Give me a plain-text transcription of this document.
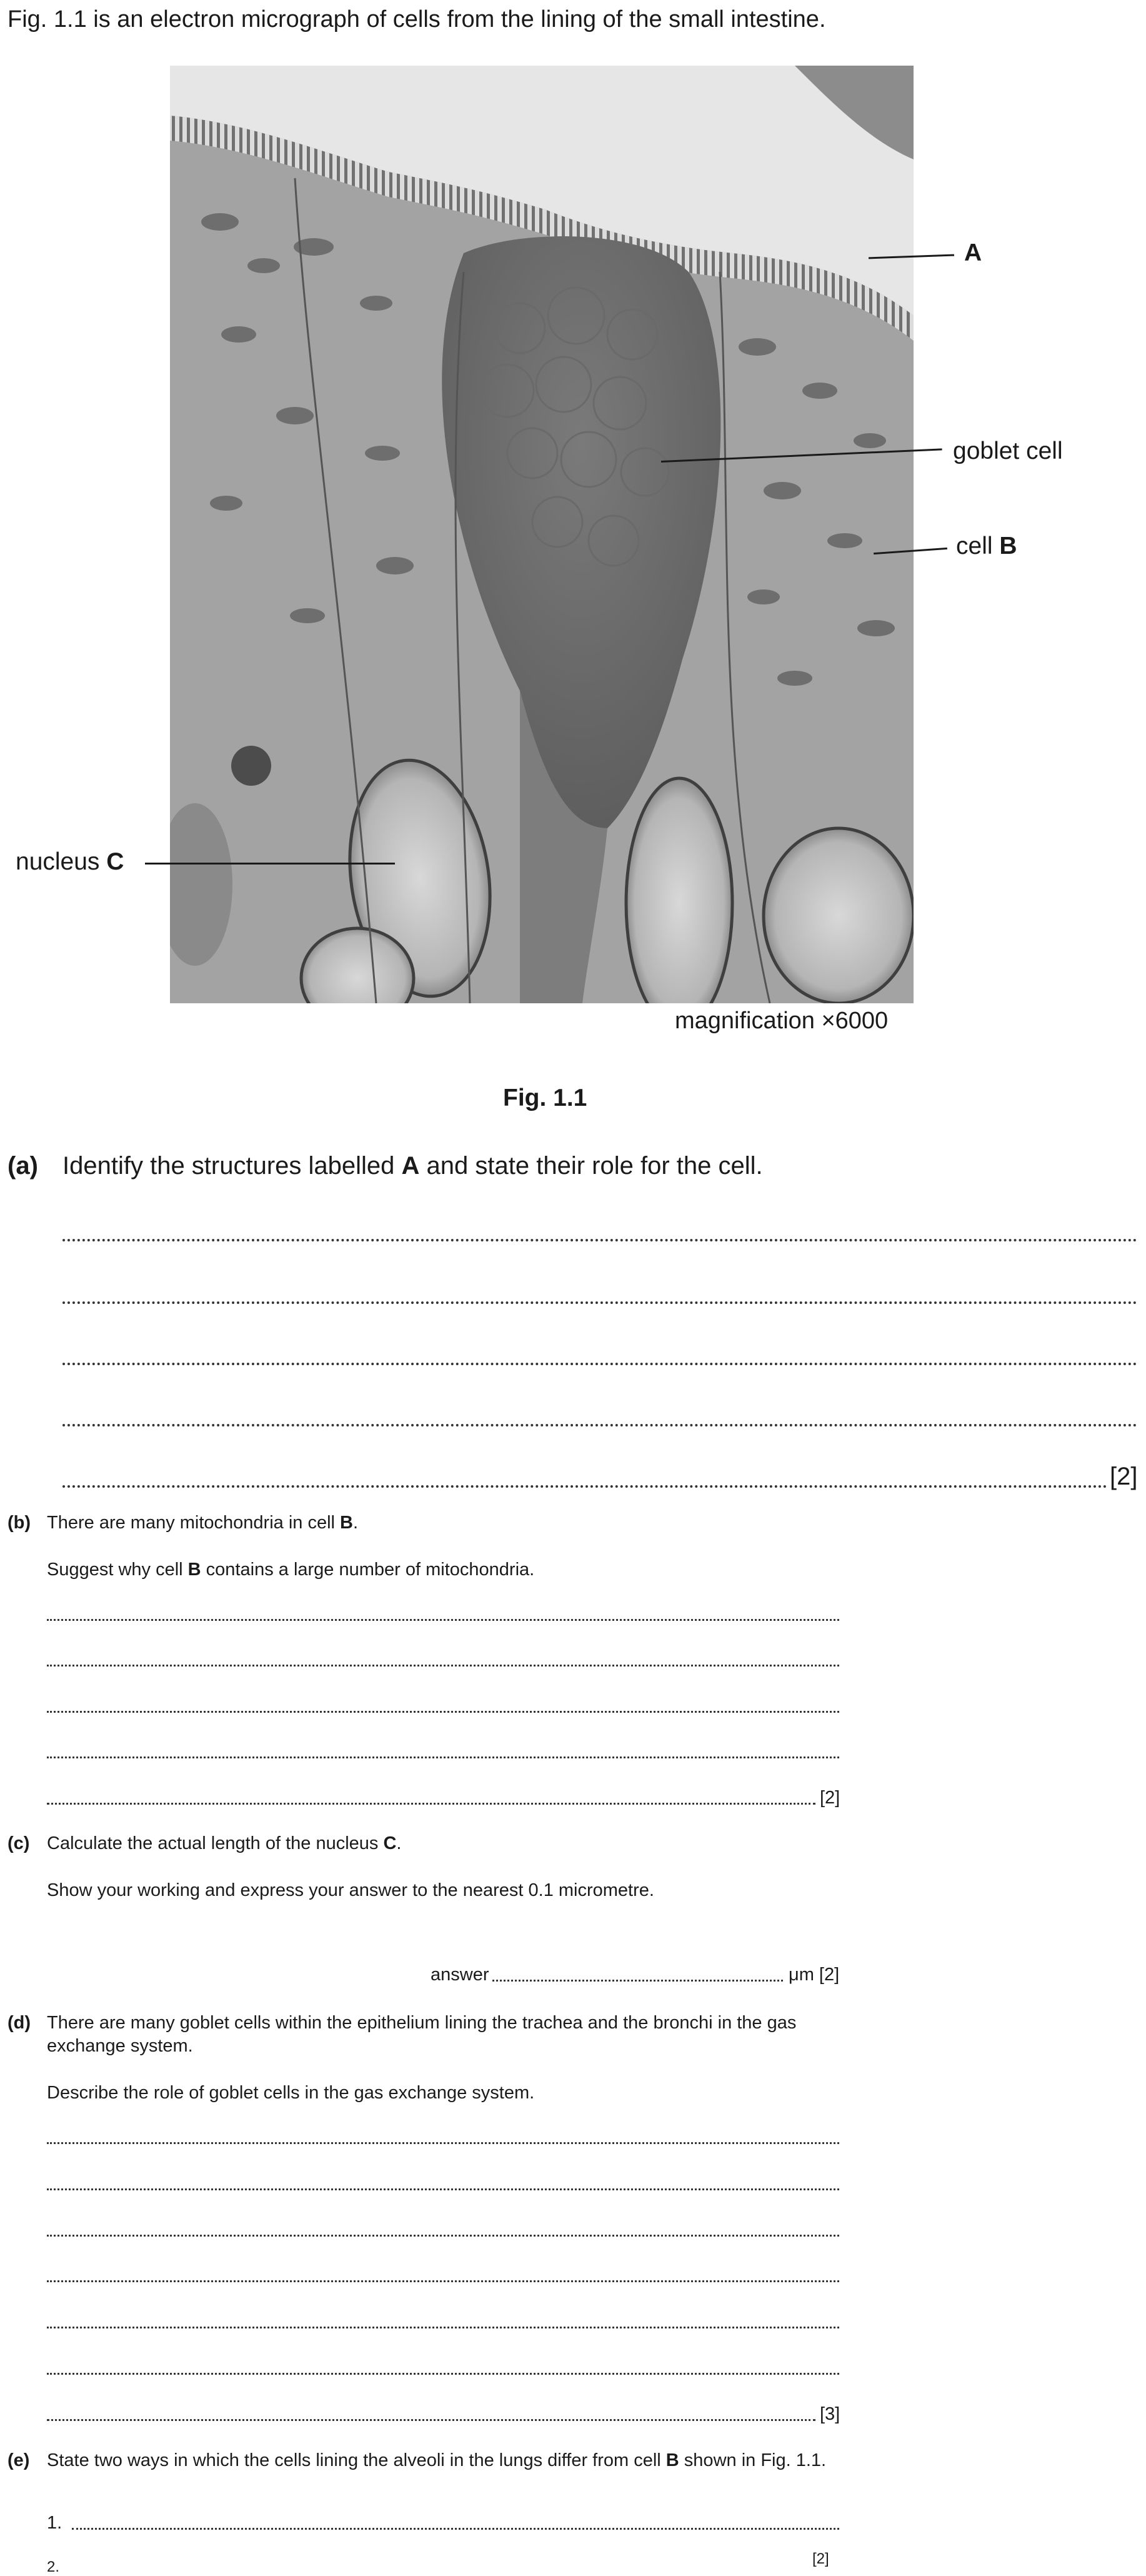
Fig. 1.1 is an electron micrograph of cells from the lining of the small intestine.
A
goblet cell
cell B
nucleus C
magnification ×6000
Fig. 1.1
(a) Identify the structures labelled A and state their role for the cell.
[2]
(b) There are many mitochondria in cell B.
Suggest why cell B contains a large number of mitochondria.
[2]
(c) Calculate the actual length of the nucleus C.
Show your working and express your answer to the nearest 0.1 micrometre.
answer	μm [2]
(d) There are many goblet cells within the epithelium lining the trachea and the bronchi in the gas exchange system.
Describe the role of goblet cells in the gas exchange system.
[3]
(e) State two ways in which the cells lining the alveoli in the lungs differ from cell B shown in Fig. 1.1.
1.
2.	[2]
